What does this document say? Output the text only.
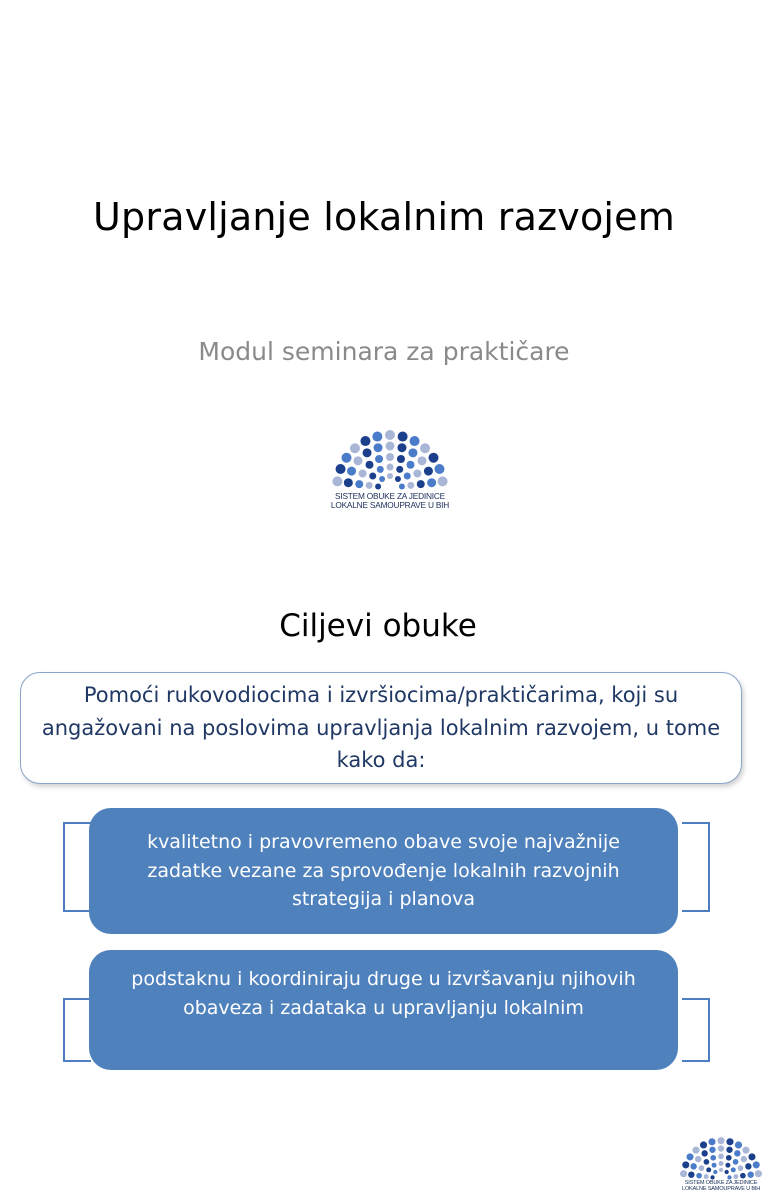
Upravljanje lokalnim razvojem
Modul seminara za praktičare
SISTEM OBUKE ZA JEDINICE
LOKALNE SAMOUPRAVE U BIH
SISTEM OBUKE ZA JEDINICE
LOKALNE SAMOUPRAVE U BIH
Ciljevi obuke
Pomoći rukovodiocima i izvršiocima/praktičarima, koji su angažovani na poslovima upravljanja lokalnim razvojem, u tome kako da:
kvalitetno i pravovremeno obave svoje najvažnije zadatke vezane za sprovođenje lokalnih razvojnih strategija i planova
podstaknu i koordiniraju druge u izvršavanju njihovih obaveza i zadataka u upravljanju lokalnim
